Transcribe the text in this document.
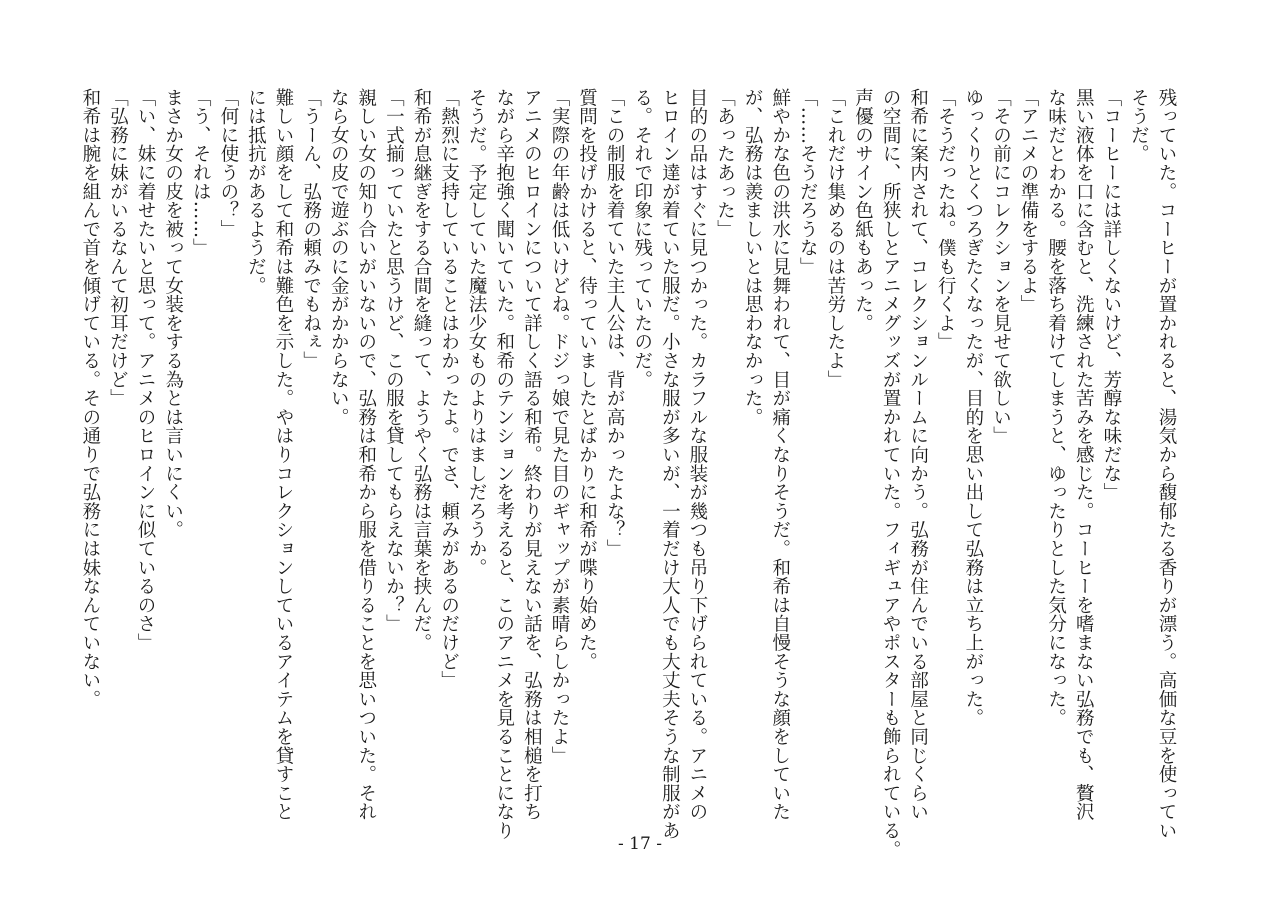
残っていた。コーヒーが置かれると、湯気から馥郁たる香りが漂う。高価な豆を使ってい

そうだ。

「コーヒーには詳しくないけど、芳醇な味だな」

黒い液体を口に含むと、洗練された苦みを感じた。コーヒーを嗜まない弘務でも、贅沢

な味だとわかる。腰を落ち着けてしまうと、ゆったりとした気分になった。

「アニメの準備をするよ」

「その前にコレクションを見せて欲しい」

ゆっくりとくつろぎたくなったが、目的を思い出して弘務は立ち上がった。

「そうだったね。僕も行くよ」

和希に案内されて、コレクションルームに向かう。弘務が住んでいる部屋と同じくらい

の空間に、所狭しとアニメグッズが置かれていた。フィギュアやポスターも飾られている。

声優のサイン色紙もあった。

「これだけ集めるのは苦労したよ」

「……そうだろうな」

鮮やかな色の洪水に見舞われて、目が痛くなりそうだ。和希は自慢そうな顔をしていた

が、弘務は羨ましいとは思わなかった。

「あったあった」

目的の品はすぐに見つかった。カラフルな服装が幾つも吊り下げられている。アニメの

ヒロイン達が着ていた服だ。小さな服が多いが、一着だけ大人でも大丈夫そうな制服があ

る。それで印象に残っていたのだ。

「この制服を着ていた主人公は、背が高かったよな？」

質問を投げかけると、待っていましたとばかりに和希が喋り始めた。

「実際の年齢は低いけどね。ドジっ娘で見た目のギャップが素晴らしかったよ」

アニメのヒロインについて詳しく語る和希。終わりが見えない話を、弘務は相槌を打ち

ながら辛抱強く聞いていた。和希のテンションを考えると、このアニメを見ることになり

そうだ。予定していた魔法少女ものよりはましだろうか。

「熱烈に支持していることはわかったよ。でさ、頼みがあるのだけど」

和希が息継ぎをする合間を縫って、ようやく弘務は言葉を挟んだ。

「一式揃っていたと思うけど、この服を貸してもらえないか？」

親しい女の知り合いがいないので、弘務は和希から服を借りることを思いついた。それ

なら女の皮で遊ぶのに金がかからない。

「うーん、弘務の頼みでもねぇ」

難しい顔をして和希は難色を示した。やはりコレクションしているアイテムを貸すこと

には抵抗があるようだ。

「何に使うの？」

「う、それは……」

まさか女の皮を被って女装をする為とは言いにくい。

「い、妹に着せたいと思って。アニメのヒロインに似ているのさ」

「弘務に妹がいるなんて初耳だけど」

和希は腕を組んで首を傾げている。その通りで弘務には妹なんていない。

- 17 -
